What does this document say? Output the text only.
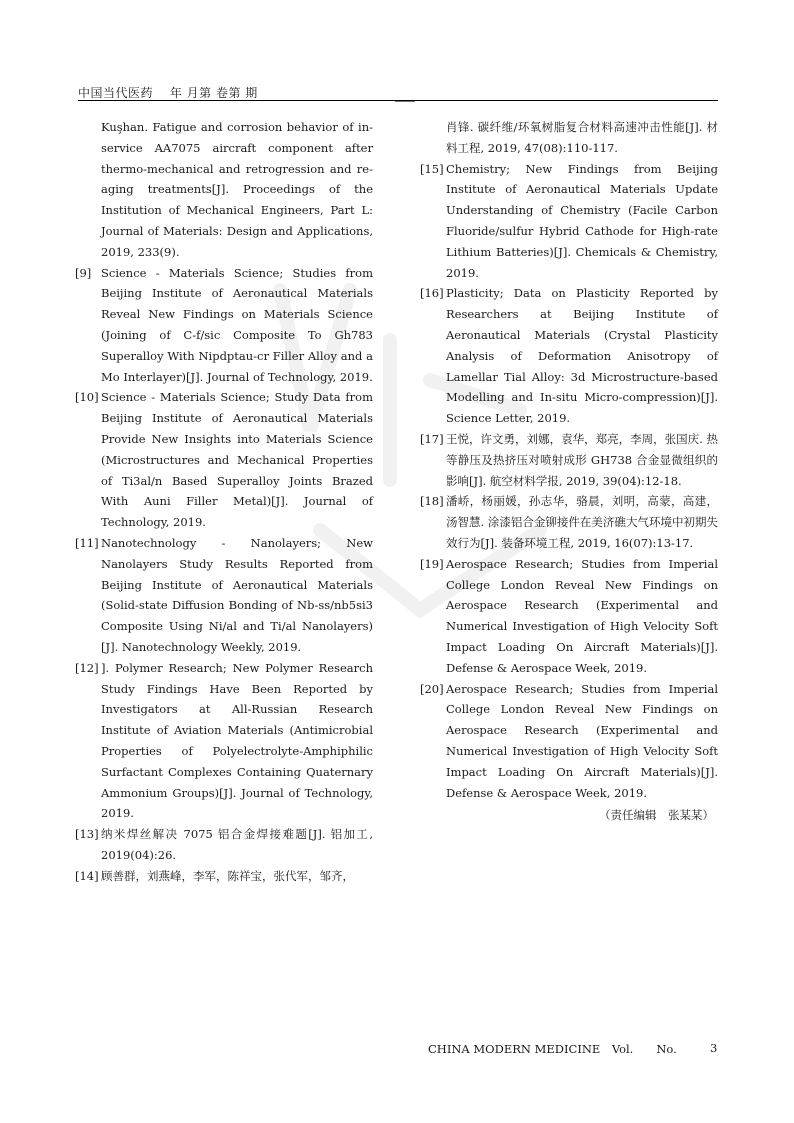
中国当代医药　 年 月第 卷第 期
Kuşhan. Fatigue and corrosion behavior of in-service AA7075 aircraft component after thermo-mechanical and retrogression and re-aging treatments[J]. Proceedings of the Institution of Mechanical Engineers, Part L: Journal of Materials: Design and Applications, 2019, 233(9).
[9] Science - Materials Science; Studies from Beijing Institute of Aeronautical Materials Reveal New Findings on Materials Science (Joining of C-f/sic Composite To Gh783 Superalloy With Nipdptau-cr Filler Alloy and a Mo Interlayer)[J]. Journal of Technology, 2019.
[10] Science - Materials Science; Study Data from Beijing Institute of Aeronautical Materials Provide New Insights into Materials Science (Microstructures and Mechanical Properties of Ti3al/n Based Superalloy Joints Brazed With Auni Filler Metal)[J]. Journal of Technology, 2019.
[11] Nanotechnology - Nanolayers; New Nanolayers Study Results Reported from Beijing Institute of Aeronautical Materials (Solid-state Diffusion Bonding of Nb-ss/nb5si3 Composite Using Ni/al and Ti/al Nanolayers)[J]. Nanotechnology Weekly, 2019.
[12] ]. Polymer Research; New Polymer Research Study Findings Have Been Reported by Investigators at All-Russian Research Institute of Aviation Materials (Antimicrobial Properties of Polyelectrolyte-Amphiphilic Surfactant Complexes Containing Quaternary Ammonium Groups)[J]. Journal of Technology, 2019.
[13] 纳米焊丝解决 7075 铝合金焊接难题[J]. 铝加工, 2019(04):26.
[14] 顾善群，刘燕峰，李军，陈祥宝，张代军，邹齐，
肖锋. 碳纤维/环氧树脂复合材料高速冲击性能[J]. 材料工程, 2019, 47(08):110-117.
[15] Chemistry; New Findings from Beijing Institute of Aeronautical Materials Update Understanding of Chemistry (Facile Carbon Fluoride/sulfur Hybrid Cathode for High-rate Lithium Batteries)[J]. Chemicals & Chemistry, 2019.
[16] Plasticity; Data on Plasticity Reported by Researchers at Beijing Institute of Aeronautical Materials (Crystal Plasticity Analysis of Deformation Anisotropy of Lamellar Tial Alloy: 3d Microstructure-based Modelling and In-situ Micro-compression)[J]. Science Letter, 2019.
[17] 王悦，许文勇，刘娜，袁华，郑亮，李周，张国庆. 热等静压及热挤压对喷射成形 GH738 合金显微组织的影响[J]. 航空材料学报, 2019, 39(04):12-18.
[18] 潘峤，杨丽媛，孙志华，骆晨，刘明，高蒙，高建，汤智慧. 涂漆铝合金铆接件在美济礁大气环境中初期失效行为[J]. 装备环境工程, 2019, 16(07):13-17.
[19] Aerospace Research; Studies from Imperial College London Reveal New Findings on Aerospace Research (Experimental and Numerical Investigation of High Velocity Soft Impact Loading On Aircraft Materials)[J]. Defense & Aerospace Week, 2019.
[20] Aerospace Research; Studies from Imperial College London Reveal New Findings on Aerospace Research (Experimental and Numerical Investigation of High Velocity Soft Impact Loading On Aircraft Materials)[J]. Defense & Aerospace Week, 2019.
（责任编辑　张某某）
CHINA MODERN MEDICINE　Vol.　　No.	3
